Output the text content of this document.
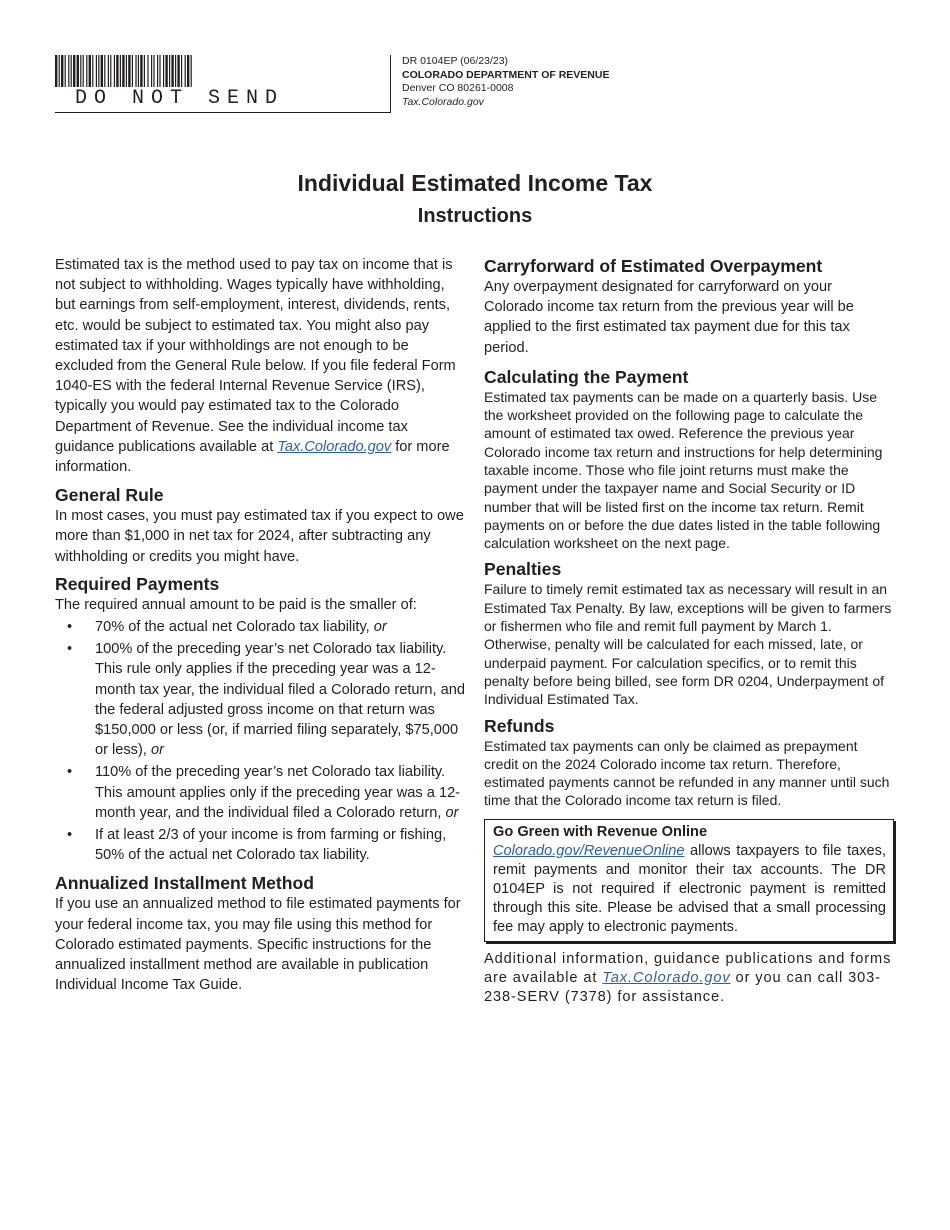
DO NOT SEND
DR 0104EP (06/23/23)
COLORADO DEPARTMENT OF REVENUE
Denver CO 80261-0008
Tax.Colorado.gov
Individual Estimated Income Tax
Instructions

Estimated tax is the method used to pay tax on income that is not subject to withholding. Wages typically have withholding, but earnings from self-employment, interest, dividends, rents, etc. would be subject to estimated tax. You might also pay estimated tax if your withholdings are not enough to be excluded from the General Rule below. If you file federal Form 1040-ES with the federal Internal Revenue Service (IRS), typically you would pay estimated tax to the Colorado Department of Revenue. See the individual income tax guidance publications available at Tax.Colorado.gov for more information.

General Rule

In most cases, you must pay estimated tax if you expect to owe more than $1,000 in net tax for 2024, after subtracting any withholding or credits you might have.

Required Payments

The required annual amount to be paid is the smaller of:

• 70% of the actual net Colorado tax liability, or
• 100% of the preceding year’s net Colorado tax liability. This rule only applies if the preceding year was a 12-month tax year, the individual filed a Colorado return, and the federal adjusted gross income on that return was $150,000 or less (or, if married filing separately, $75,000 or less), or
• 110% of the preceding year’s net Colorado tax liability. This amount applies only if the preceding year was a 12-month year, and the individual filed a Colorado return, or
• If at least 2/3 of your income is from farming or fishing, 50% of the actual net Colorado tax liability.
Annualized Installment Method

If you use an annualized method to file estimated payments for your federal income tax, you may file using this method for Colorado estimated payments. Specific instructions for the annualized installment method are available in publication Individual Income Tax Guide.

Carryforward of Estimated Overpayment

Any overpayment designated for carryforward on your Colorado income tax return from the previous year will be applied to the first estimated tax payment due for this tax period.

Calculating the Payment

Estimated tax payments can be made on a quarterly basis. Use the worksheet provided on the following page to calculate the amount of estimated tax owed. Reference the previous year Colorado income tax return and instructions for help determining taxable income. Those who file joint returns must make the payment under the taxpayer name and Social Security or ID number that will be listed first on the income tax return. Remit payments on or before the due dates listed in the table following calculation worksheet on the next page.

Penalties

Failure to timely remit estimated tax as necessary will result in an Estimated Tax Penalty. By law, exceptions will be given to farmers or fishermen who file and remit full payment by March 1. Otherwise, penalty will be calculated for each missed, late, or underpaid payment. For calculation specifics, or to remit this penalty before being billed, see form DR 0204, Underpayment of Individual Estimated Tax.

Refunds

Estimated tax payments can only be claimed as prepayment credit on the 2024 Colorado income tax return. Therefore, estimated payments cannot be refunded in any manner until such time that the Colorado income tax return is filed.

Go Green with Revenue Online

Colorado.gov/RevenueOnline allows taxpayers to file taxes, remit payments and monitor their tax accounts. The DR 0104EP is not required if electronic payment is remitted through this site. Please be advised that a small processing fee may apply to electronic payments.

Additional information, guidance publications and forms are available at Tax.Colorado.gov or you can call 303-238-SERV (7378) for assistance.
